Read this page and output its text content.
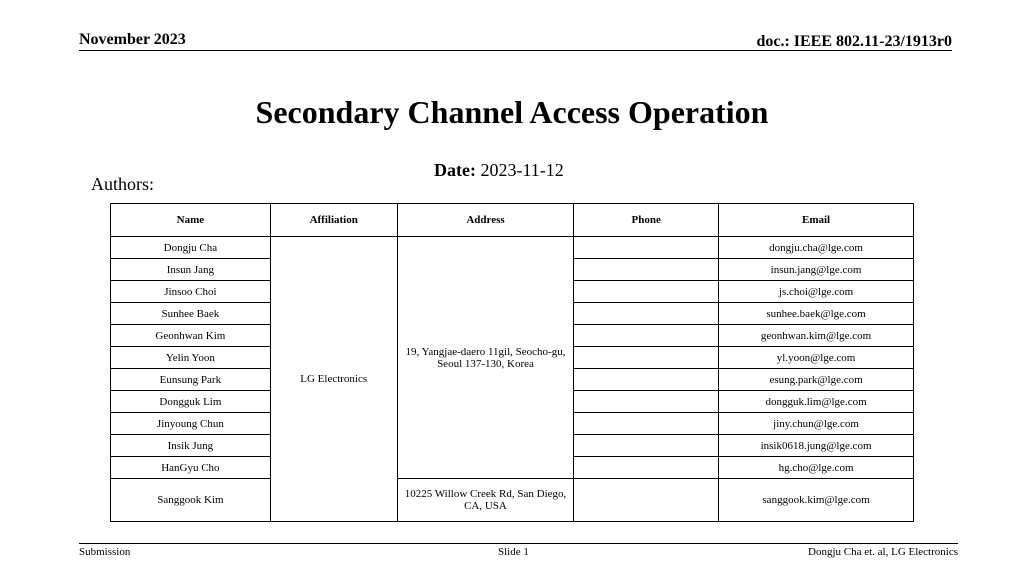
November 2023	doc.: IEEE 802.11-23/1913r0
Secondary Channel Access Operation
Date: 2023-11-12
Authors:
Name	Affiliation	Address	Phone	Email
Dongju Cha	LG Electronics	19, Yangjae-daero 11gil, Seocho-gu, Seoul 137-130, Korea		dongju.cha@lge.com
Insun Jang				insun.jang@lge.com
Jinsoo Choi				js.choi@lge.com
Sunhee Baek				sunhee.baek@lge.com
Geonhwan Kim				geonhwan.kim@lge.com
Yelin Yoon				yl.yoon@lge.com
Eunsung Park				esung.park@lge.com
Dongguk Lim				dongguk.lim@lge.com
Jinyoung Chun				jiny.chun@lge.com
Insik Jung				insik0618.jung@lge.com
HanGyu Cho				hg.cho@lge.com
Sanggook Kim		10225 Willow Creek Rd, San Diego, CA, USA		sanggook.kim@lge.com
Submission	Slide 1	Dongju Cha et. al, LG Electronics
